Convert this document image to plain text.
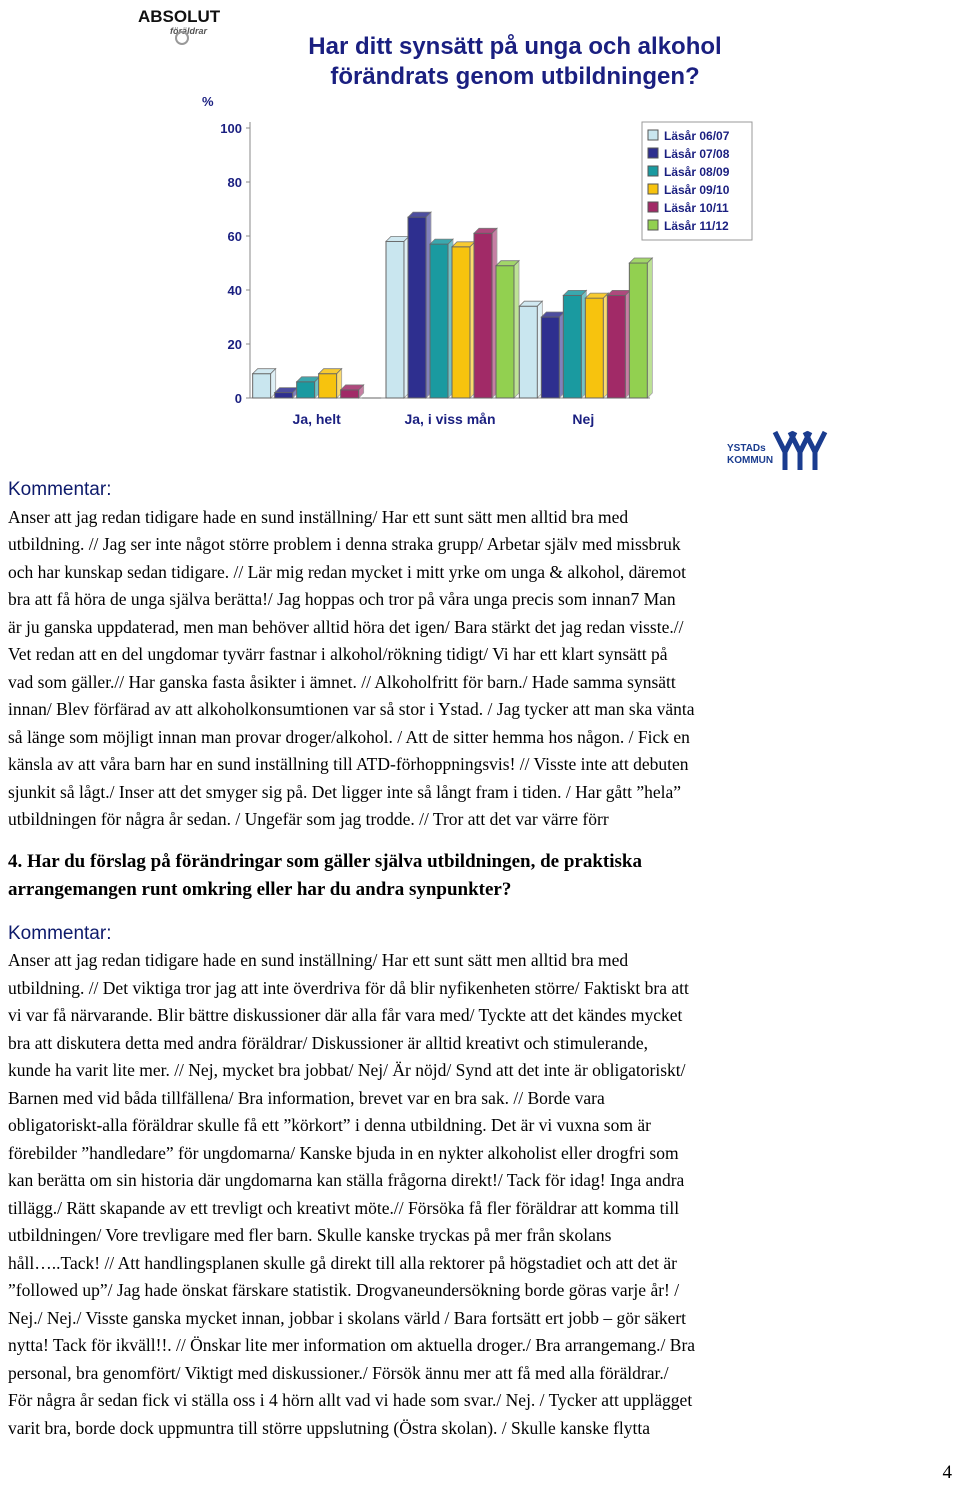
ABSOLUT
föräldrar
Har ditt synsätt på unga och alkohol
förändrats genom utbildningen?
%
0
20
40
60
80
100
Ja, helt	Ja, i viss mån	Nej
Läsår 06/07
Läsår 07/08
Läsår 08/09
Läsår 09/10
Läsår 10/11
Läsår 11/12
YSTADs
KOMMUN
Kommentar:
Anser att jag redan tidigare hade en sund inställning/ Har ett sunt sätt men alltid bra med
utbildning. // Jag ser inte något större problem i denna straka grupp/ Arbetar själv med missbruk
och har kunskap sedan tidigare. // Lär mig redan mycket i mitt yrke om unga & alkohol, däremot
bra att få höra de unga själva berätta!/ Jag hoppas och tror på våra unga precis som innan7 Man
är ju ganska uppdaterad, men man behöver alltid höra det igen/ Bara stärkt det jag redan visste.//
Vet redan att en del ungdomar tyvärr fastnar i alkohol/rökning tidigt/ Vi har ett klart synsätt på
vad som gäller.// Har ganska fasta åsikter i ämnet. // Alkoholfritt för barn./ Hade samma synsätt
innan/ Blev förfärad av att alkoholkonsumtionen var så stor i Ystad. / Jag tycker att man ska vänta
så länge som möjligt innan man provar droger/alkohol. / Att de sitter hemma hos någon. / Fick en
känsla av att våra barn har en sund inställning till ATD-förhoppningsvis! // Visste inte att debuten
sjunkit så lågt./ Inser att det smyger sig på. Det ligger inte så långt fram i tiden. / Har gått ”hela”
utbildningen för några år sedan. / Ungefär som jag trodde. // Tror att det var värre förr
4. Har du förslag på förändringar som gäller själva utbildningen, de praktiska
arrangemangen runt omkring eller har du andra synpunkter?
Kommentar:
Anser att jag redan tidigare hade en sund inställning/ Har ett sunt sätt men alltid bra med
utbildning. // Det viktiga tror jag att inte överdriva för då blir nyfikenheten större/ Faktiskt bra att
vi var få närvarande. Blir bättre diskussioner där alla får vara med/ Tyckte att det kändes mycket
bra att diskutera detta med andra föräldrar/ Diskussioner är alltid kreativt och stimulerande,
kunde ha varit lite mer. // Nej, mycket bra jobbat/ Nej/ Är nöjd/ Synd att det inte är obligatoriskt/
Barnen med vid båda tillfällena/ Bra information, brevet var en bra sak. // Borde vara
obligatoriskt-alla föräldrar skulle få ett ”körkort” i denna utbildning. Det är vi vuxna som är
förebilder ”handledare” för ungdomarna/ Kanske bjuda in en nykter alkoholist eller drogfri som
kan berätta om sin historia där ungdomarna kan ställa frågorna direkt!/ Tack för idag! Inga andra
tillägg./ Rätt skapande av ett trevligt och kreativt möte.// Försöka få fler föräldrar att komma till
utbildningen/ Vore trevligare med fler barn. Skulle kanske tryckas på mer från skolans
håll…..Tack! // Att handlingsplanen skulle gå direkt till alla rektorer på högstadiet och att det är
”followed up”/ Jag hade önskat färskare statistik. Drogvaneundersökning borde göras varje år! /
Nej./ Nej./ Visste ganska mycket innan, jobbar i skolans värld / Bara fortsätt ert jobb – gör säkert
nytta! Tack för ikväll!!. // Önskar lite mer information om aktuella droger./ Bra arrangemang./ Bra
personal, bra genomfört/ Viktigt med diskussioner./ Försök ännu mer att få med alla föräldrar./
För några år sedan fick vi ställa oss i 4 hörn allt vad vi hade som svar./ Nej. / Tycker att upplägget
varit bra, borde dock uppmuntra till större uppslutning (Östra skolan). / Skulle kanske flytta
4
